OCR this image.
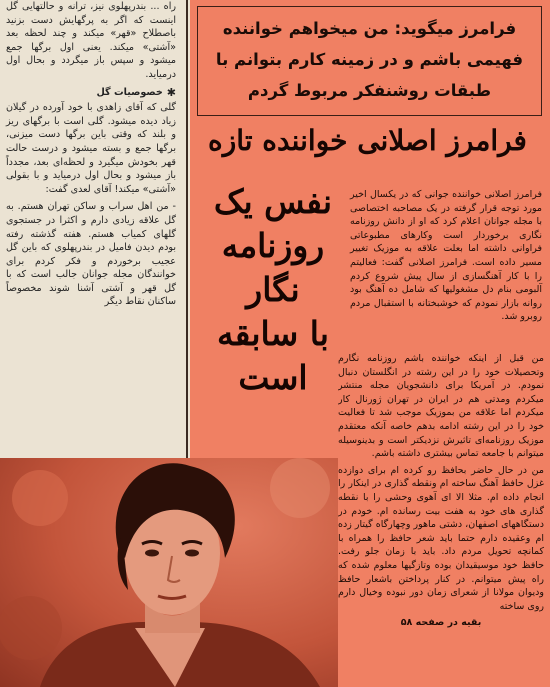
راه ... بندرپهلوی نیز، ترانه و حالتهایی گل اینست که اگر به پرگهایش دست بزنید باصطلاح «قهر» میکند و چند لحظه بعد «آشتی» میکند. یعنی اول برگها جمع میشود و سپس باز میگردد و بحال اول درمیاید.

✱
خصوصیات گل

گلی که آقای زاهدی با خود آورده در گیلان زیاد دیده میشود. گلی است با برگهای ریز و بلند که وقتی باین برگها دست میزنی، برگها جمع و بسته میشود و درست حالت قهر بخودش میگیرد و لحظه‌ای بعد، مجدداً باز میشود و بحال اول درمیاید و با بقولی «آشتی» میکند! آقای لعدی گفت:

- من اهل سراب و ساکن تهران هستم. به گل علاقه زیادی دارم و اکثرا در جستجوی گلهای کمیاب هستم. هفته گذشته رفته بودم دیدن فامیل در بندرپهلوی که باین گل عجیب برخوردم و فکر کردم برای خوانندگان مجله جوانان جالب است که با گل قهر و آشتی آشنا شوند مخصوصاً ساکنان نقاط دیگر

فرامرز میگوید: من میخواهم خواننده
فهیمی باشم و در زمینه کارم بتوانم با
طبقات روشنفکر مربوط گردم
فرامرز اصلانی خواننده تازه
نفس یک
روزنامه
نگار
با سابقه
است

فرامرز اصلانی خواننده جوانی که در یکسال اخیر مورد توجه قرار گرفته در یک مصاحبه اختصاصی با مجله جوانان اعلام کرد که او از دانش روزنامه نگاری برخوردار است وکارهای مطبوعاتی فراوانی داشته اما بعلت علاقه به موزیک تغییر مسیر داده است. فرامرز اصلانی گفت: فعالیتم را با کار آهنگسازی از سال پیش شروع کردم آلبومی بنام دل مشغولیها که شامل ده آهنگ بود روانه بازار نمودم که خوشبختانه با استقبال مردم روبرو شد.

من قبل از اینکه خواننده باشم روزنامه نگارم وتحصیلات خود را در این رشته در انگلستان دنبال نمودم. در آمریکا برای دانشجویان مجله منتشر میکردم ومدتی هم در ایران در تهران ژورنال کار میکردم اما علاقه من بموزیک موجب شد تا فعالیت خود را در این رشته ادامه بدهم خاصه آنکه معتقدم موزیک روزنامه‌ای تاثیرش نزدیکتر است و بدینوسیله میتوانم با جامعه تماس بیشتری داشته باشم.

من در حال حاضر بحافظ رو کرده ام برای دوازده غزل حافظ آهنگ ساخته ام ونقطه گذاری در اینکار را انجام داده ام. مثلا الا ای آهوی وحشی را با نقطه گذاری های خود به هفت بیت رسانده ام. خودم در دستگاههای اصفهان، دشتی ماهور وچهارگاه گیتار زده ام وعقیده دارم حتما باید شعر حافظ را همراه با کمانچه تحویل مردم داد. باید با زمان جلو رفت. حافظ خود موسیقیدان بوده وتازگیها معلوم شده که راه پیش میتوانم. در کنار پرداختن باشعار حافظ ودیوان مولانا از شعرای زمان دور نبوده وخیال دارم روی ساخته

بقیه در صفحه ۵۸
